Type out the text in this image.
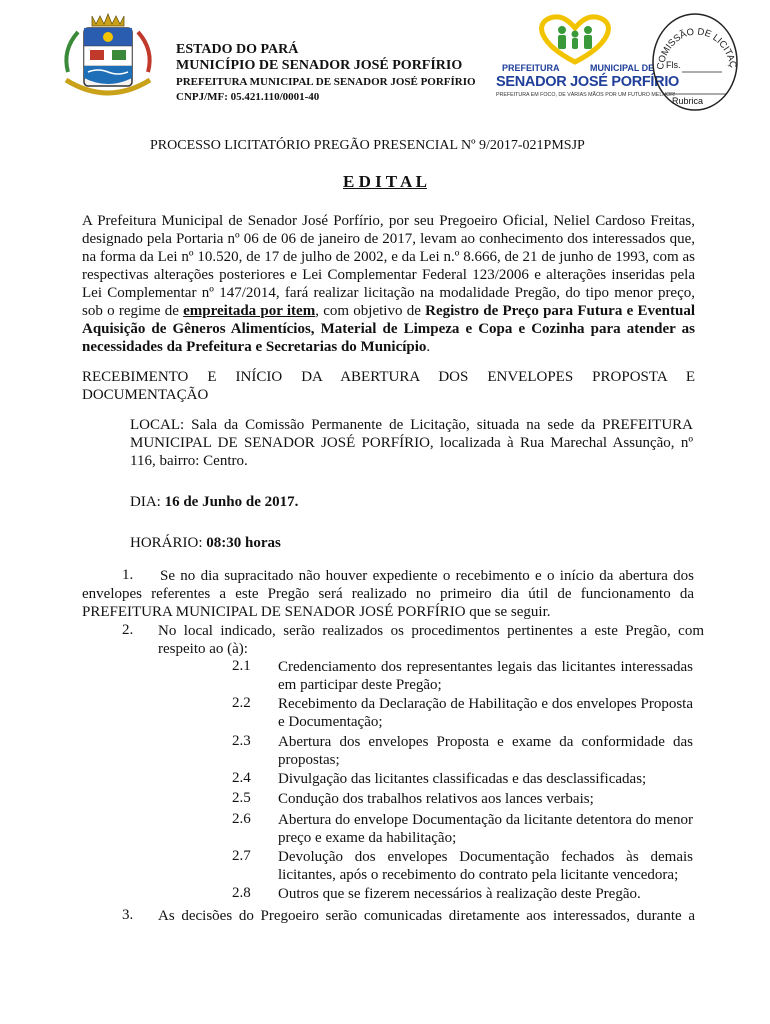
ESTADO DO PARÁ
MUNICÍPIO DE SENADOR JOSÉ PORFÍRIO
PREFEITURA MUNICIPAL DE SENADOR JOSÉ PORFÍRIO
CNPJ/MF: 05.421.110/0001-40
PREFEITURA	MUNICIPAL DE
SENADOR JOSÉ PORFÍRIO
PREFEITURA EM FOCO, DE VÁRIAS MÃOS POR UM FUTURO MELHOR!
COMISSÃO DE LICITAÇ
Fls.
Rubrica
PROCESSO LICITATÓRIO PREGÃO PRESENCIAL Nº 9/2017-021PMSJP
E D I T A L
A Prefeitura Municipal de Senador José Porfírio, por seu Pregoeiro Oficial, Neliel Cardoso Freitas, designado pela Portaria nº 06 de 06 de janeiro de 2017, levam ao conhecimento dos interessados que, na forma da Lei nº 10.520, de 17 de julho de 2002, e da Lei n.º 8.666, de 21 de junho de 1993, com as respectivas alterações posteriores e Lei Complementar Federal 123/2006 e alterações inseridas pela Lei Complementar nº 147/2014, fará realizar licitação na modalidade Pregão, do tipo menor preço, sob o regime de empreitada por item, com objetivo de Registro de Preço para Futura e Eventual Aquisição de Gêneros Alimentícios, Material de Limpeza e Copa e Cozinha para atender as necessidades da Prefeitura e Secretarias do Município.
RECEBIMENTO E INÍCIO DA ABERTURA DOS ENVELOPES PROPOSTA E DOCUMENTAÇÃO
LOCAL: Sala da Comissão Permanente de Licitação, situada na sede da PREFEITURA MUNICIPAL DE SENADOR JOSÉ PORFÍRIO, localizada à Rua Marechal Assunção, nº 116, bairro: Centro.
DIA: 16 de Junho de 2017.
HORÁRIO: 08:30 horas
1.	Se no dia supracitado não houver expediente o recebimento e o início da abertura dos envelopes referentes a este Pregão será realizado no primeiro dia útil de funcionamento da PREFEITURA MUNICIPAL DE SENADOR JOSÉ PORFÍRIO que se seguir.
2. No local indicado, serão realizados os procedimentos pertinentes a este Pregão, com respeito ao (à):
2.1 Credenciamento dos representantes legais das licitantes interessadas em participar deste Pregão;
2.2 Recebimento da Declaração de Habilitação e dos envelopes Proposta e Documentação;
2.3 Abertura dos envelopes Proposta e exame da conformidade das propostas;
2.4 Divulgação das licitantes classificadas e das desclassificadas;
2.5 Condução dos trabalhos relativos aos lances verbais;
2.6 Abertura do envelope Documentação da licitante detentora do menor preço e exame da habilitação;
2.7 Devolução dos envelopes Documentação fechados às demais licitantes, após o recebimento do contrato pela licitante vencedora;
2.8 Outros que se fizerem necessários à realização deste Pregão.
3. As decisões do Pregoeiro serão comunicadas diretamente aos interessados, durante a
